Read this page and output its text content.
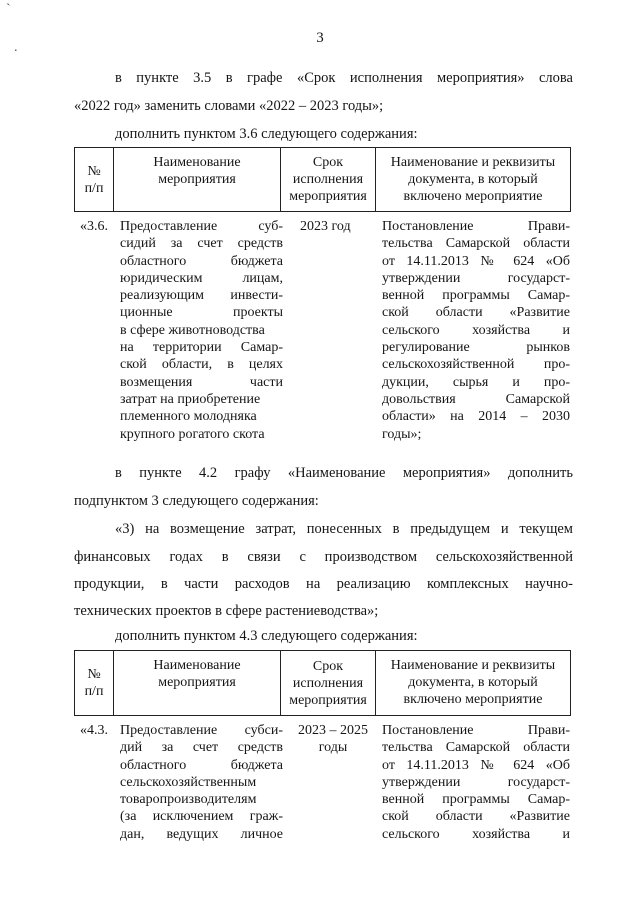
`
.
3
в пункте 3.5 в графе «Срок исполнения мероприятия» слова
«2022 год» заменить словами «2022 – 2023 годы»;
дополнить пунктом 3.6 следующего содержания:
№
п/п
Наименование
мероприятия
Срок
исполнения
мероприятия
Наименование и реквизиты
документа, в который
включено мероприятие
«3.6. Предоставление суб-
сидий за счет средств
областного бюджета
юридическим лицам,
реализующим инвести-
ционные проекты
в сфере животноводства
на территории Самар-
ской области, в целях
возмещения части
затрат на приобретение
племенного молодняка
крупного рогатого скота
2023 год Постановление Прави-
тельства Самарской области
от 14.11.2013 № 624 «Об
утверждении государст-
венной программы Самар-
ской области «Развитие
сельского хозяйства и
регулирование рынков
сельскохозяйственной про-
дукции, сырья и про-
довольствия Самарской
области» на 2014 – 2030
годы»;
в пункте 4.2 графу «Наименование мероприятия» дополнить
подпунктом 3 следующего содержания:
«3) на возмещение затрат, понесенных в предыдущем и текущем
финансовых годах в связи с производством сельскохозяйственной
продукции, в части расходов на реализацию комплексных научно-
технических проектов в сфере растениеводства»;
дополнить пунктом 4.3 следующего содержания:
№
п/п
Наименование
мероприятия
Срок
исполнения
мероприятия
Наименование и реквизиты
документа, в который
включено мероприятие
«4.3. Предоставление субси-
дий за счет средств
областного бюджета
сельскохозяйственным
товаропроизводителям
(за исключением граж-
дан, ведущих личное
2023 – 2025
годы
Постановление Прави-
тельства Самарской области
от 14.11.2013 № 624 «Об
утверждении государст-
венной программы Самар-
ской области «Развитие
сельского хозяйства и
